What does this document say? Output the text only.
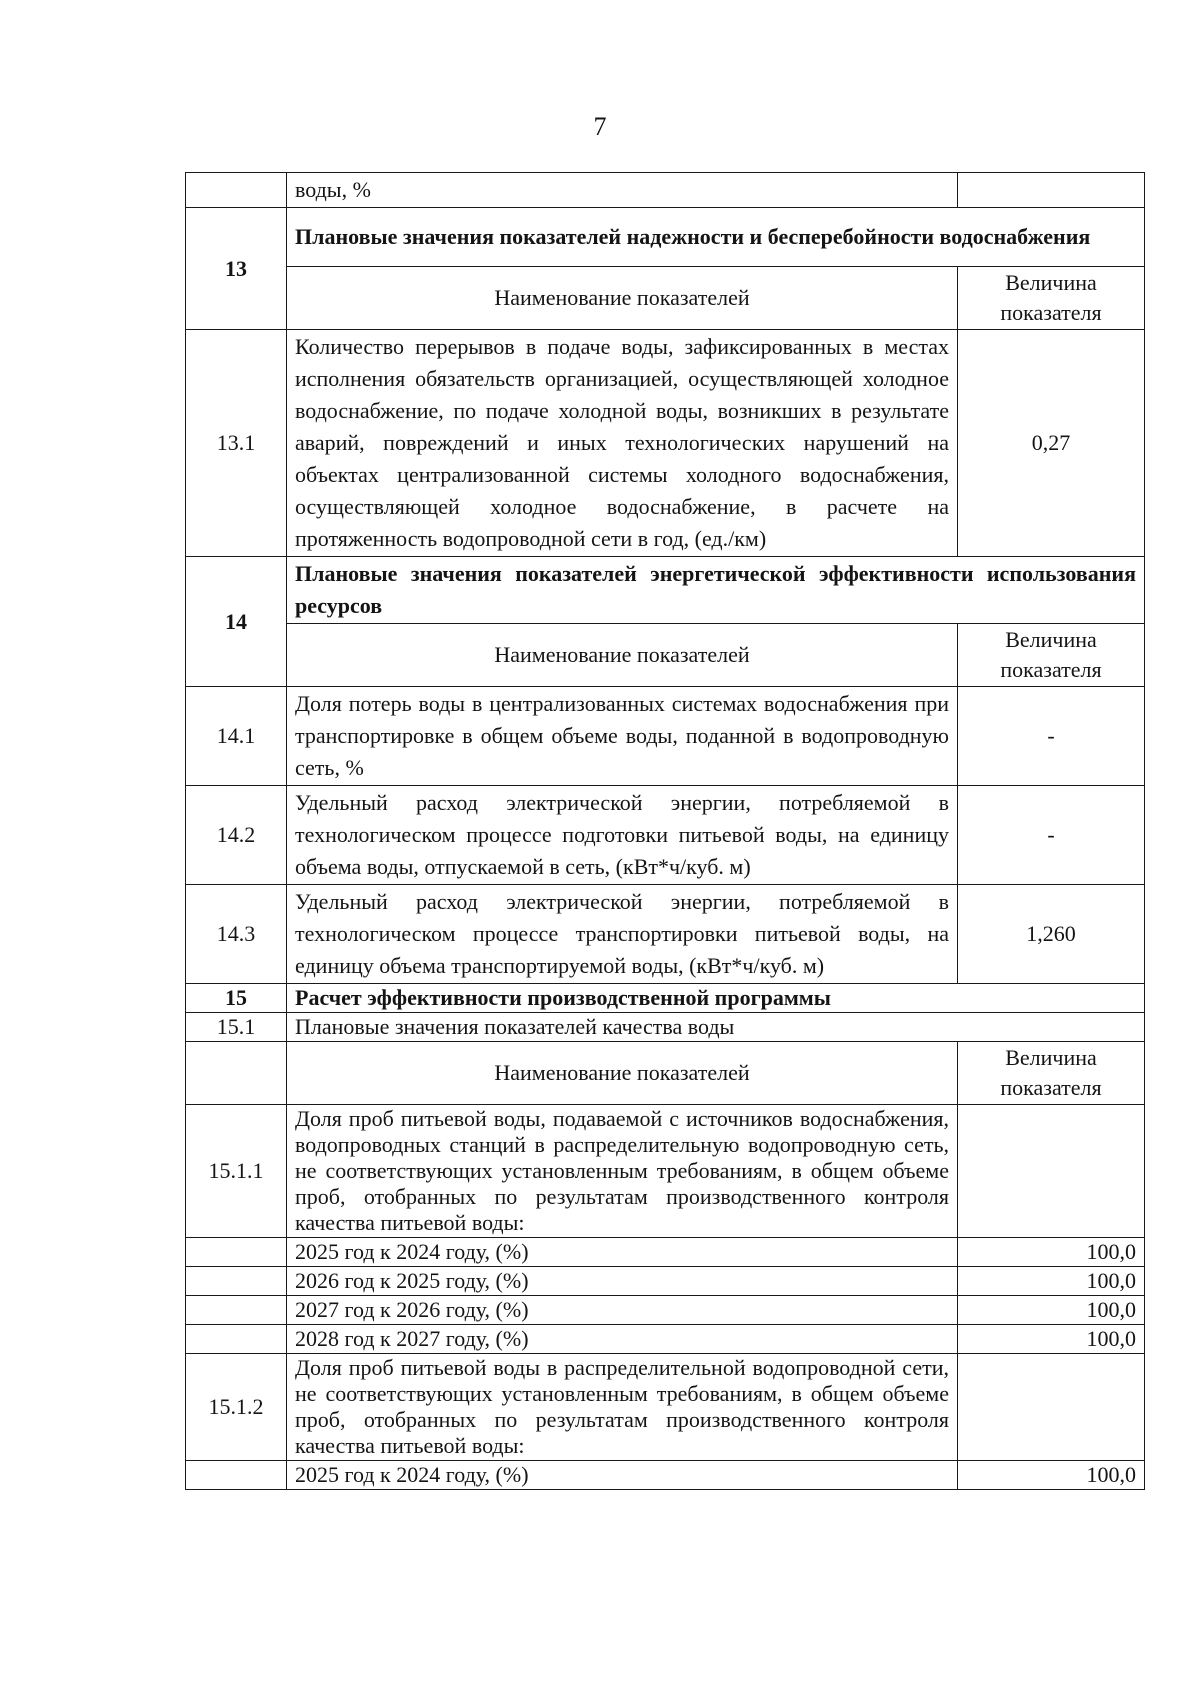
7
	воды, %	
13	Плановые значения показателей надежности и бесперебойности водоснабжения	
	Наименование показателей	Величина показателя
13.1	Количество перерывов в подаче воды, зафиксированных в местах исполнения обязательств организацией, осуществляющей холодное водоснабжение, по подаче холодной воды, возникших в результате аварий, повреждений и иных технологических нарушений на объектах централизованной системы холодного водоснабжения, осуществляющей холодное водоснабжение, в расчете на протяженность водопроводной сети в год, (ед./км)	0,27
14	Плановые значения показателей энергетической эффективности использования ресурсов	
	Наименование показателей	Величина показателя
14.1	Доля потерь воды в централизованных системах водоснабжения при транспортировке в общем объеме воды, поданной в водопроводную сеть, %	-
14.2	Удельный расход электрической энергии, потребляемой в технологическом процессе подготовки питьевой воды, на единицу объема воды, отпускаемой в сеть, (кВт*ч/куб. м)	-
14.3	Удельный расход электрической энергии, потребляемой в технологическом процессе транспортировки питьевой воды, на единицу объема транспортируемой воды, (кВт*ч/куб. м)	1,260
15	Расчет эффективности производственной программы	
15.1	Плановые значения показателей качества воды	
	Наименование показателей	Величина показателя
15.1.1	Доля проб питьевой воды, подаваемой с источников водоснабжения, водопроводных станций в распределительную водопроводную сеть, не соответствующих установленным требованиям, в общем объеме проб, отобранных по результатам производственного контроля качества питьевой воды:	
	2025 год к 2024 году, (%)	100,0
	2026 год к 2025 году, (%)	100,0
	2027 год к 2026 году, (%)	100,0
	2028 год к 2027 году, (%)	100,0
15.1.2	Доля проб питьевой воды в распределительной водопроводной сети, не соответствующих установленным требованиям, в общем объеме проб, отобранных по результатам производственного контроля качества питьевой воды:	
	2025 год к 2024 году, (%)	100,0
